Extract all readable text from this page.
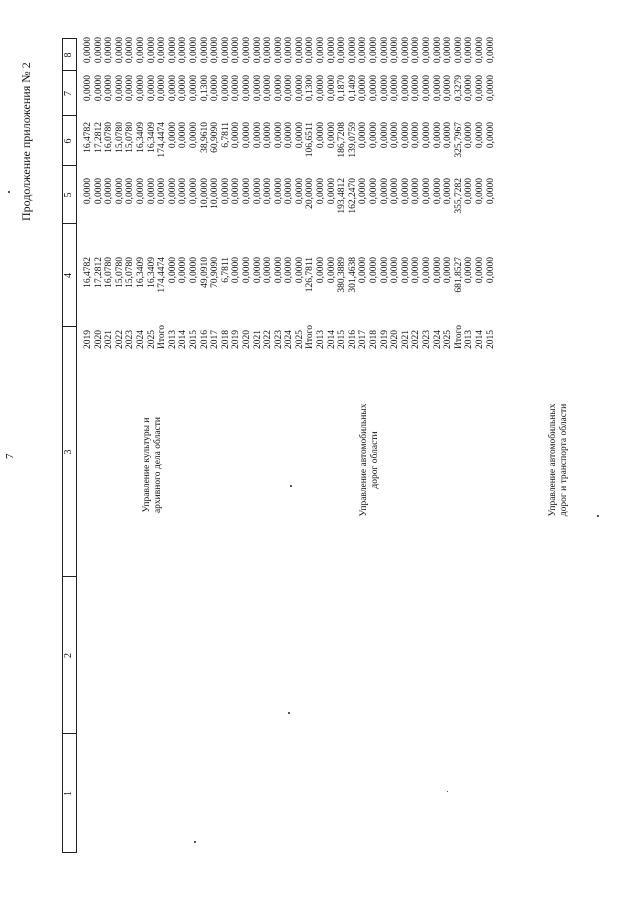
7
Продолжение приложения № 2
1
2
3
4
5
6
7
8
Управление культуры и архивного дела области	Управление автомобильных дорог области	Управление автомобильных дорог и транспорта области
2019 2020 2021 2022 2023 2024 2025 Итого 2013 2014 2015 2016 2017 2018 2019 2020 2021 2022 2023 2024 2025 Итого 2013 2014 2015 2016 2017 2018 2019 2020 2021 2022 2023 2024 2025 Итого 2013 2014 2015
16,4782 17,2812 16,0780 15,0780 15,0780 16,3409 16,3409 174,4474 0,0000 0,0000 0,0000 49,0910 70,9090 6,7811 0,0000 0,0000 0,0000 0,0000 0,0000 0,0000 0,0000 126,7811 0,0000 0,0000 380,3889 301,4638 0,0000 0,0000 0,0000 0,0000 0,0000 0,0000 0,0000 0,0000 0,0000 681,8527 0,0000 0,0000 0,0000
0,0000 0,0000 0,0000 0,0000 0,0000 0,0000 0,0000 0,0000 0,0000 0,0000 0,0000 10,0000 10,0000 0,0000 0,0000 0,0000 0,0000 0,0000 0,0000 0,0000 0,0000 20,0000 0,0000 0,0000 193,4812 162,2470 0,0000 0,0000 0,0000 0,0000 0,0000 0,0000 0,0000 0,0000 0,0000 355,7282 0,0000 0,0000 0,0000
16,4782 17,2812 16,0780 15,0780 15,0780 16,3409 16,3409 174,4474 0,0000 0,0000 0,0000 38,9610 60,9090 6,7811 0,0000 0,0000 0,0000 0,0000 0,0000 0,0000 0,0000 106,6511 0,0000 0,0000 186,7208 139,0759 0,0000 0,0000 0,0000 0,0000 0,0000 0,0000 0,0000 0,0000 0,0000 325,7967 0,0000 0,0000 0,0000
0,0000 0,0000 0,0000 0,0000 0,0000 0,0000 0,0000 0,0000 0,0000 0,0000 0,0000 0,1300 0,0000 0,0000 0,0000 0,0000 0,0000 0,0000 0,0000 0,0000 0,0000 0,1300 0,0000 0,0000 0,1870 0,1409 0,0000 0,0000 0,0000 0,0000 0,0000 0,0000 0,0000 0,0000 0,0000 0,3279 0,0000 0,0000 0,0000
0,0000 0,0000 0,0000 0,0000 0,0000 0,0000 0,0000 0,0000 0,0000 0,0000 0,0000 0,0000 0,0000 0,0000 0,0000 0,0000 0,0000 0,0000 0,0000 0,0000 0,0000 0,0000 0,0000 0,0000 0,0000 0,0000 0,0000 0,0000 0,0000 0,0000 0,0000 0,0000 0,0000 0,0000 0,0000 0,0000 0,0000 0,0000 0,0000
